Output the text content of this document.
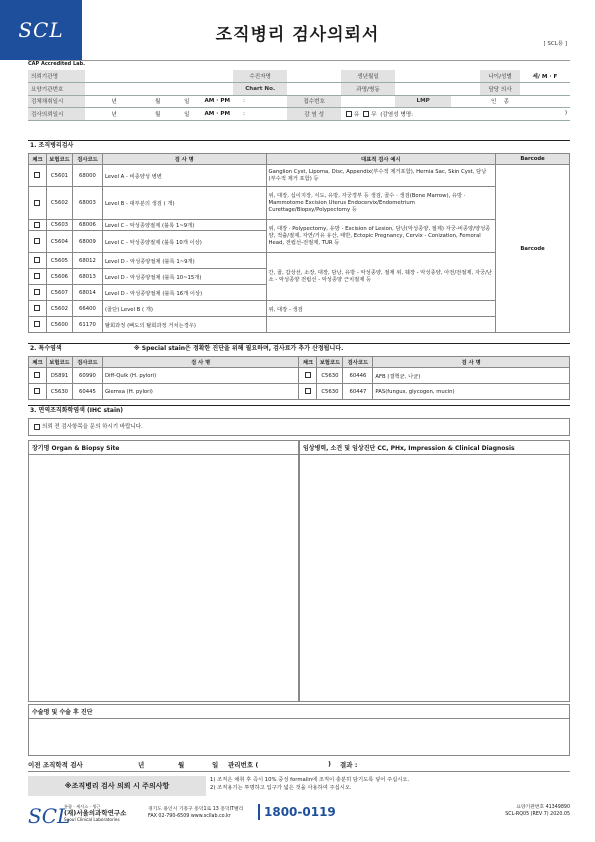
SCL	조직병리 검사의뢰서	[ SCL용 ]
CAP Accredited Lab.
의뢰기관명					수진자명		생년월일			나이/성별	세/ M · F
요양기관번호					Chart No.		과명/병동			담당 의사	
검체채취일시	년	월	일	AM · PM	:	접수번호		LMP		인 종	
검사의뢰일시	년	월	일	AM · PM	:	감 염 성	유 무 (감염성 병명: )				
1. 조직병리검사
체크	보험코드	검사코드	검 사 명	대표적 검사 예시	Barcode
	C5601	68000	Level A - 비종양성 병변	Ganglion Cyst, Lipoma, Disc, Appendix(부수적 제거포함), Hernia Sac, Skin Cyst, 담낭(부수적 제거 포함) 등	Barcode
	C5602	68003	Level B - 대부분의 생검 ( 개)	위, 대장, 십이지장, 식도, 유방, 자궁경부 등 생검, 골수 · 생검(Bone Marrow), 유방 · Mammotome Excision Uterus Endocervix/Endometrium Curettage/Biopsy/Polypectomy 등	
	C5603	68006	Level C - 악성종양절제 (블록 1~9개)	위, 대장 · Polypectomy, 유방 - Excision of Lesion, 담낭(악성종양, 절제) 자궁-비종양/양성종양, 적출/절제, 자연/거유 유산, 태반, Ectopic Pregnancy, Cervix - Conization, Femoral Head, 전립선-전절제, TUR 등	
	C5604	68009	Level C - 악성종양절제 (블록 10개 이상)		
	C5605	68012	Level D - 악성종양절제 (블록 1~9개)	간, 골, 갑상선, 소장, 대장, 담낭, 유방 - 악성종양, 절제 위, 췌장 - 악성종양, 아전/전절제, 자궁/난소 - 악성종양 전립선 - 악성종양 근치절제 등	
	C5606	68013	Level D - 악성종양절제 (블록 10~15개)		
	C5607	68014	Level D - 악성종양절제 (블록 16개 이상)		
	C5602	66400	(골단) Level B ( 개)	위, 대장 - 생검	
	C5600	61170	탈회과정 (뼈도의 탈회과정 거치는경우)		
2. 특수염색	※ Special stain은 정확한 진단을 위해 필요하며, 검사료가 추가 산정됩니다.
체크	보험코드	검사코드	검 사 명	체크	보험코드	검사코드	검 사 명
	D5891	60990	Diff-Quik (H. pylori)		C5630	60446	AFB (결핵균, 나균)
	C5630	60445	Giemsa (H. pylori)		C5630	60447	PAS(fungus, glycogen, mucin)
3. 면역조직화학염색 (IHC stain)
의뢰 전 검사항목을 문의 하시기 바랍니다.
장기명 Organ & Biopsy Site	임상병력, 소견 및 임상진단 CC, PHx, Impression & Clinical Diagnosis
수술명 및 수술 후 진단
이전 조직학적 검사	년	월	일 관리번호 (	) 결과 :
※조직병리 검사 의뢰 시 주의사항
1) 조직은 채취 후 즉시 10% 중성 formalin에 조직이 충분히 담기도록 넣어 주십시오.
2) 조직용기는 투명하고 입구가 넓은 것을 사용하여 주십시오.
SCL
통합 · 세시스 · 생근
(재)서울의과학연구소
Seoul Clinical Laboratories
경기도 용인시 기흥구 흥덕1로 13 흥덕IT밸리
FAX 02-790-6509 www.scllab.co.kr	1800-0119	요양기관번호 41349890
SCL-RQ05 (REV 7) 2020.05
